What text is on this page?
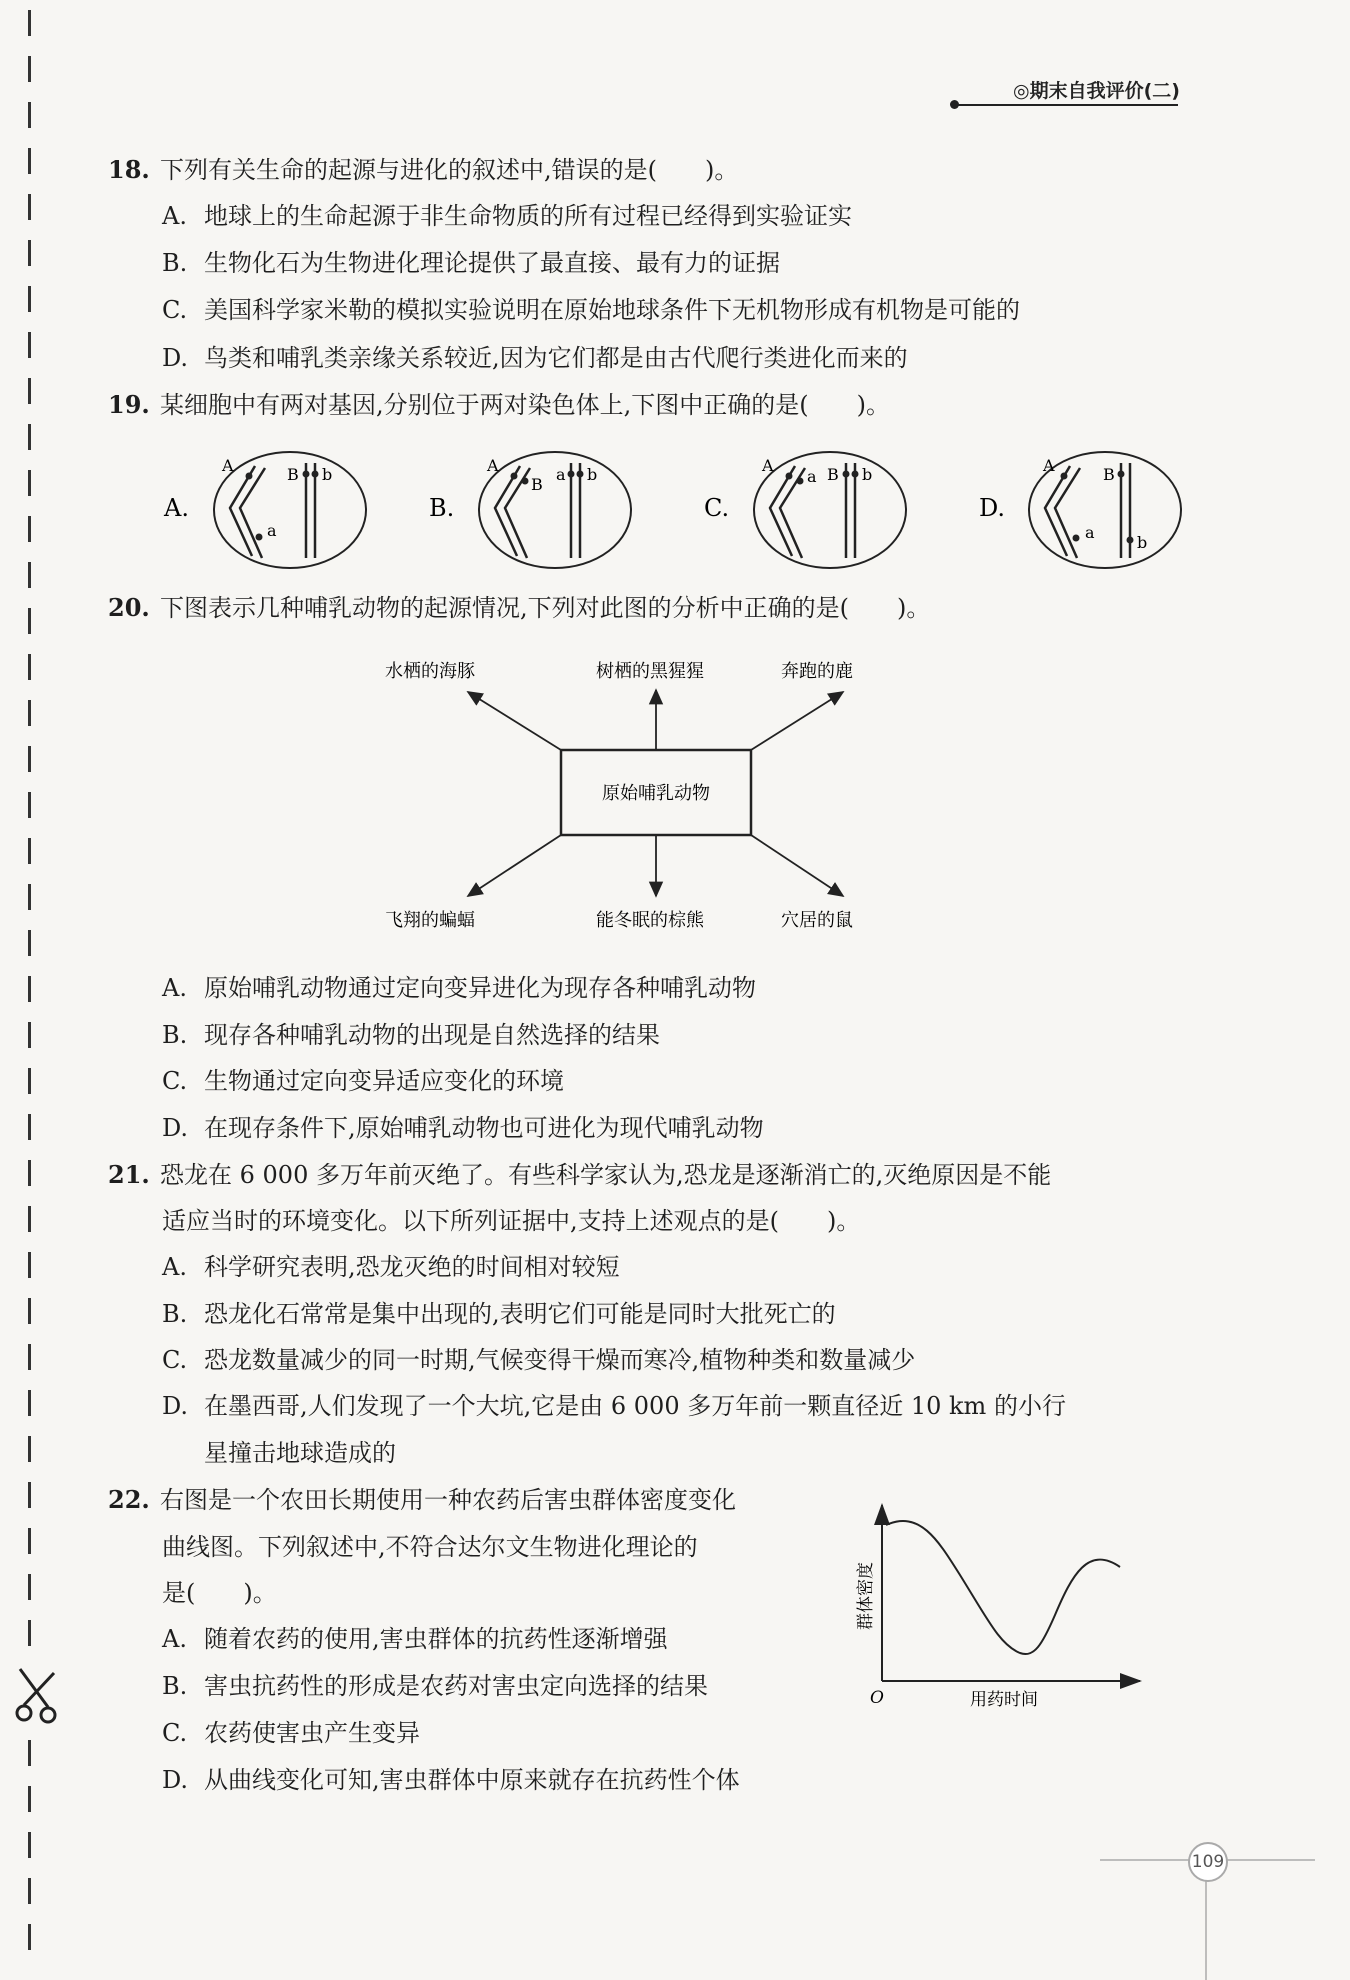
◎期末自我评价(二)
18. 下列有关生命的起源与进化的叙述中,错误的是(　　)。
A. 地球上的生命起源于非生命物质的所有过程已经得到实验证实
B. 生物化石为生物进化理论提供了最直接、最有力的证据
C. 美国科学家米勒的模拟实验说明在原始地球条件下无机物形成有机物是可能的
D. 鸟类和哺乳类亲缘关系较近,因为它们都是由古代爬行类进化而来的
19. 某细胞中有两对基因,分别位于两对染色体上,下图中正确的是(　　)。
A.
A
a
B b
B.
A
B
a b
C.
A
a B b
D.
A
a
B
b
20. 下图表示几种哺乳动物的起源情况,下列对此图的分析中正确的是(　　)。
原始哺乳动物
水栖的海豚	树栖的黑猩猩	奔跑的鹿
飞翔的蝙蝠	能冬眠的棕熊	穴居的鼠
A. 原始哺乳动物通过定向变异进化为现存各种哺乳动物
B. 现存各种哺乳动物的出现是自然选择的结果
C. 生物通过定向变异适应变化的环境
D. 在现存条件下,原始哺乳动物也可进化为现代哺乳动物
21. 恐龙在 6 000 多万年前灭绝了。有些科学家认为,恐龙是逐渐消亡的,灭绝原因是不能
适应当时的环境变化。以下所列证据中,支持上述观点的是(　　)。
A. 科学研究表明,恐龙灭绝的时间相对较短
B. 恐龙化石常常是集中出现的,表明它们可能是同时大批死亡的
C. 恐龙数量减少的同一时期,气候变得干燥而寒冷,植物种类和数量减少
D. 在墨西哥,人们发现了一个大坑,它是由 6 000 多万年前一颗直径近 10 km 的小行
星撞击地球造成的
22. 右图是一个农田长期使用一种农药后害虫群体密度变化
曲线图。下列叙述中,不符合达尔文生物进化理论的
是(　　)。
A. 随着农药的使用,害虫群体的抗药性逐渐增强
B. 害虫抗药性的形成是农药对害虫定向选择的结果
C. 农药使害虫产生变异
D. 从曲线变化可知,害虫群体中原来就存在抗药性个体
O	用药时间
群体密度
109
